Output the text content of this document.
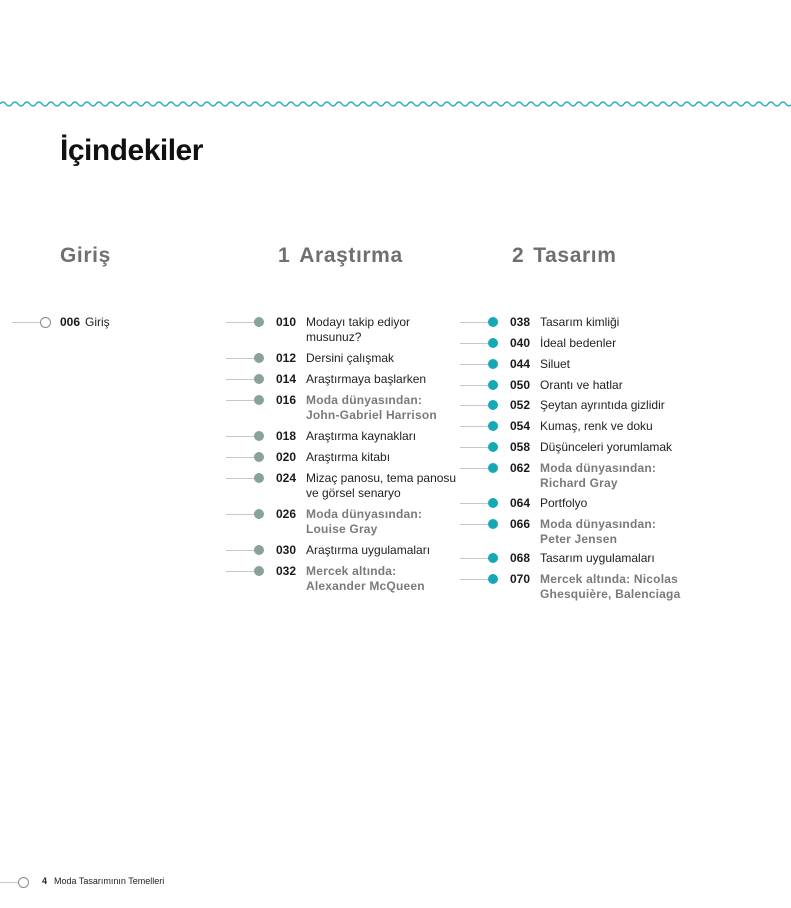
İçindekiler
Giriş	1 Araştırma	2 Tasarım
006 Giriş	010 Modayı takip ediyor
musunuz?
012 Dersini çalışmak
014 Araştırmaya başlarken
016 Moda dünyasından:
John-Gabriel Harrison
018 Araştırma kaynakları
020 Araştırma kitabı
024 Mizaç panosu, tema panosu
ve görsel senaryo
026 Moda dünyasından:
Louise Gray
030 Araştırma uygulamaları
032 Mercek altında:
Alexander McQueen
038 Tasarım kimliği
040 İdeal bedenler
044 Siluet
050 Orantı ve hatlar
052 Şeytan ayrıntıda gizlidir
054 Kumaş, renk ve doku
058 Düşünceleri yorumlamak
062 Moda dünyasından:
Richard Gray
064 Portfolyo
066 Moda dünyasından:
Peter Jensen
068 Tasarım uygulamaları
070 Mercek altında: Nicolas
Ghesquière, Balenciaga
4 Moda Tasarımının Temelleri
